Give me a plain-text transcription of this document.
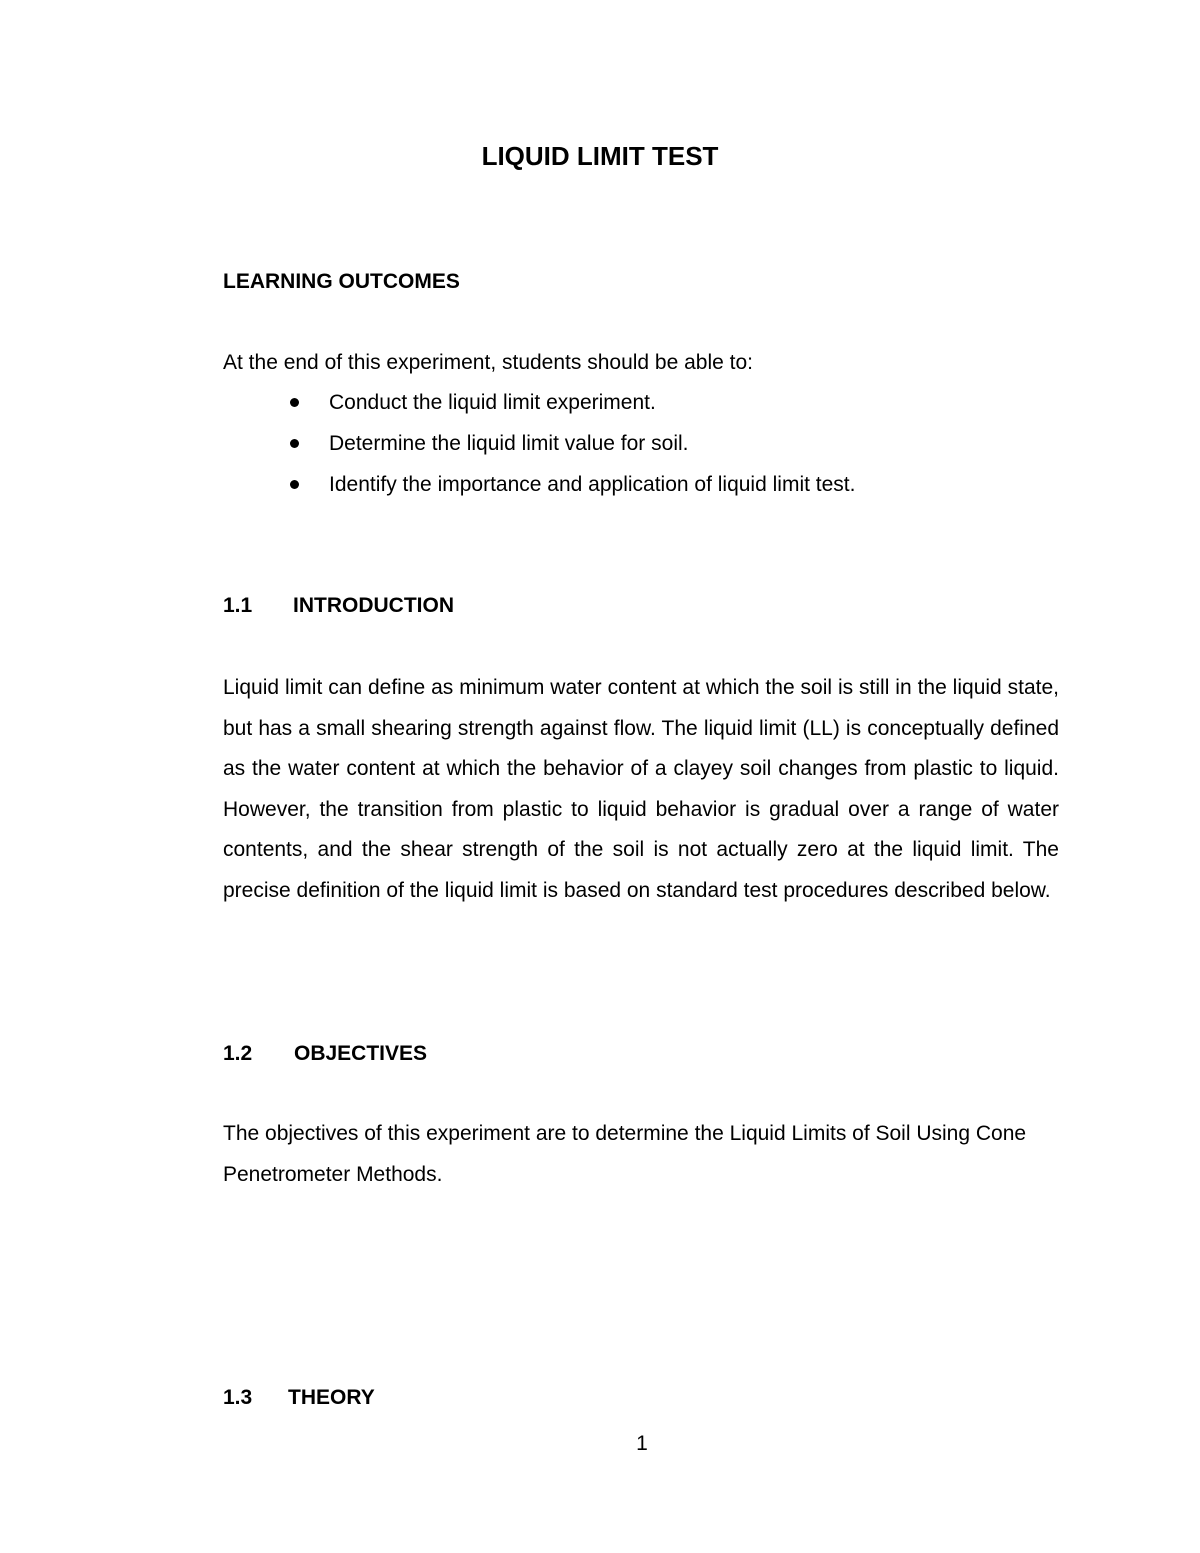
LIQUID LIMIT TEST
LEARNING OUTCOMES

At the end of this experiment, students should be able to:

Conduct the liquid limit experiment.
Determine the liquid limit value for soil.
Identify the importance and application of liquid limit test.
1.1 INTRODUCTION

Liquid limit can define as minimum water content at which the soil is still in the liquid state, but has a small shearing strength against flow. The liquid limit (LL) is conceptually defined as the water content at which the behavior of a clayey soil changes from plastic to liquid. However, the transition from plastic to liquid behavior is gradual over a range of water contents, and the shear strength of the soil is not actually zero at the liquid limit. The precise definition of the liquid limit is based on standard test procedures described below.

1.2 OBJECTIVES

The objectives of this experiment are to determine the Liquid Limits of Soil Using Cone Penetrometer Methods.

1.3 THEORY

1
